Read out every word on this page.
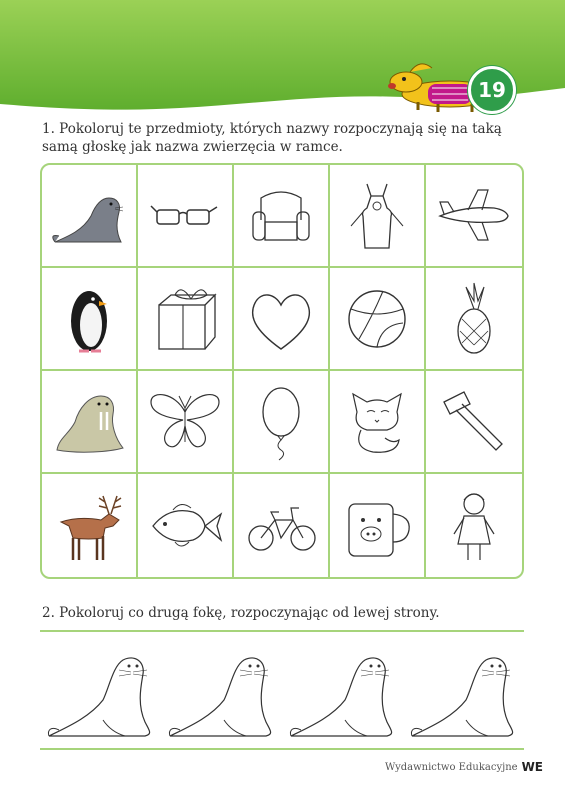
19
1. Pokoloruj te przedmioty, których nazwy rozpoczynają się na taką samą głoskę jak nazwa zwierzęcia w ramce.
2. Pokoloruj co drugą fokę, rozpoczynając od lewej strony.
Wydawnictwo Edukacyjne WE
